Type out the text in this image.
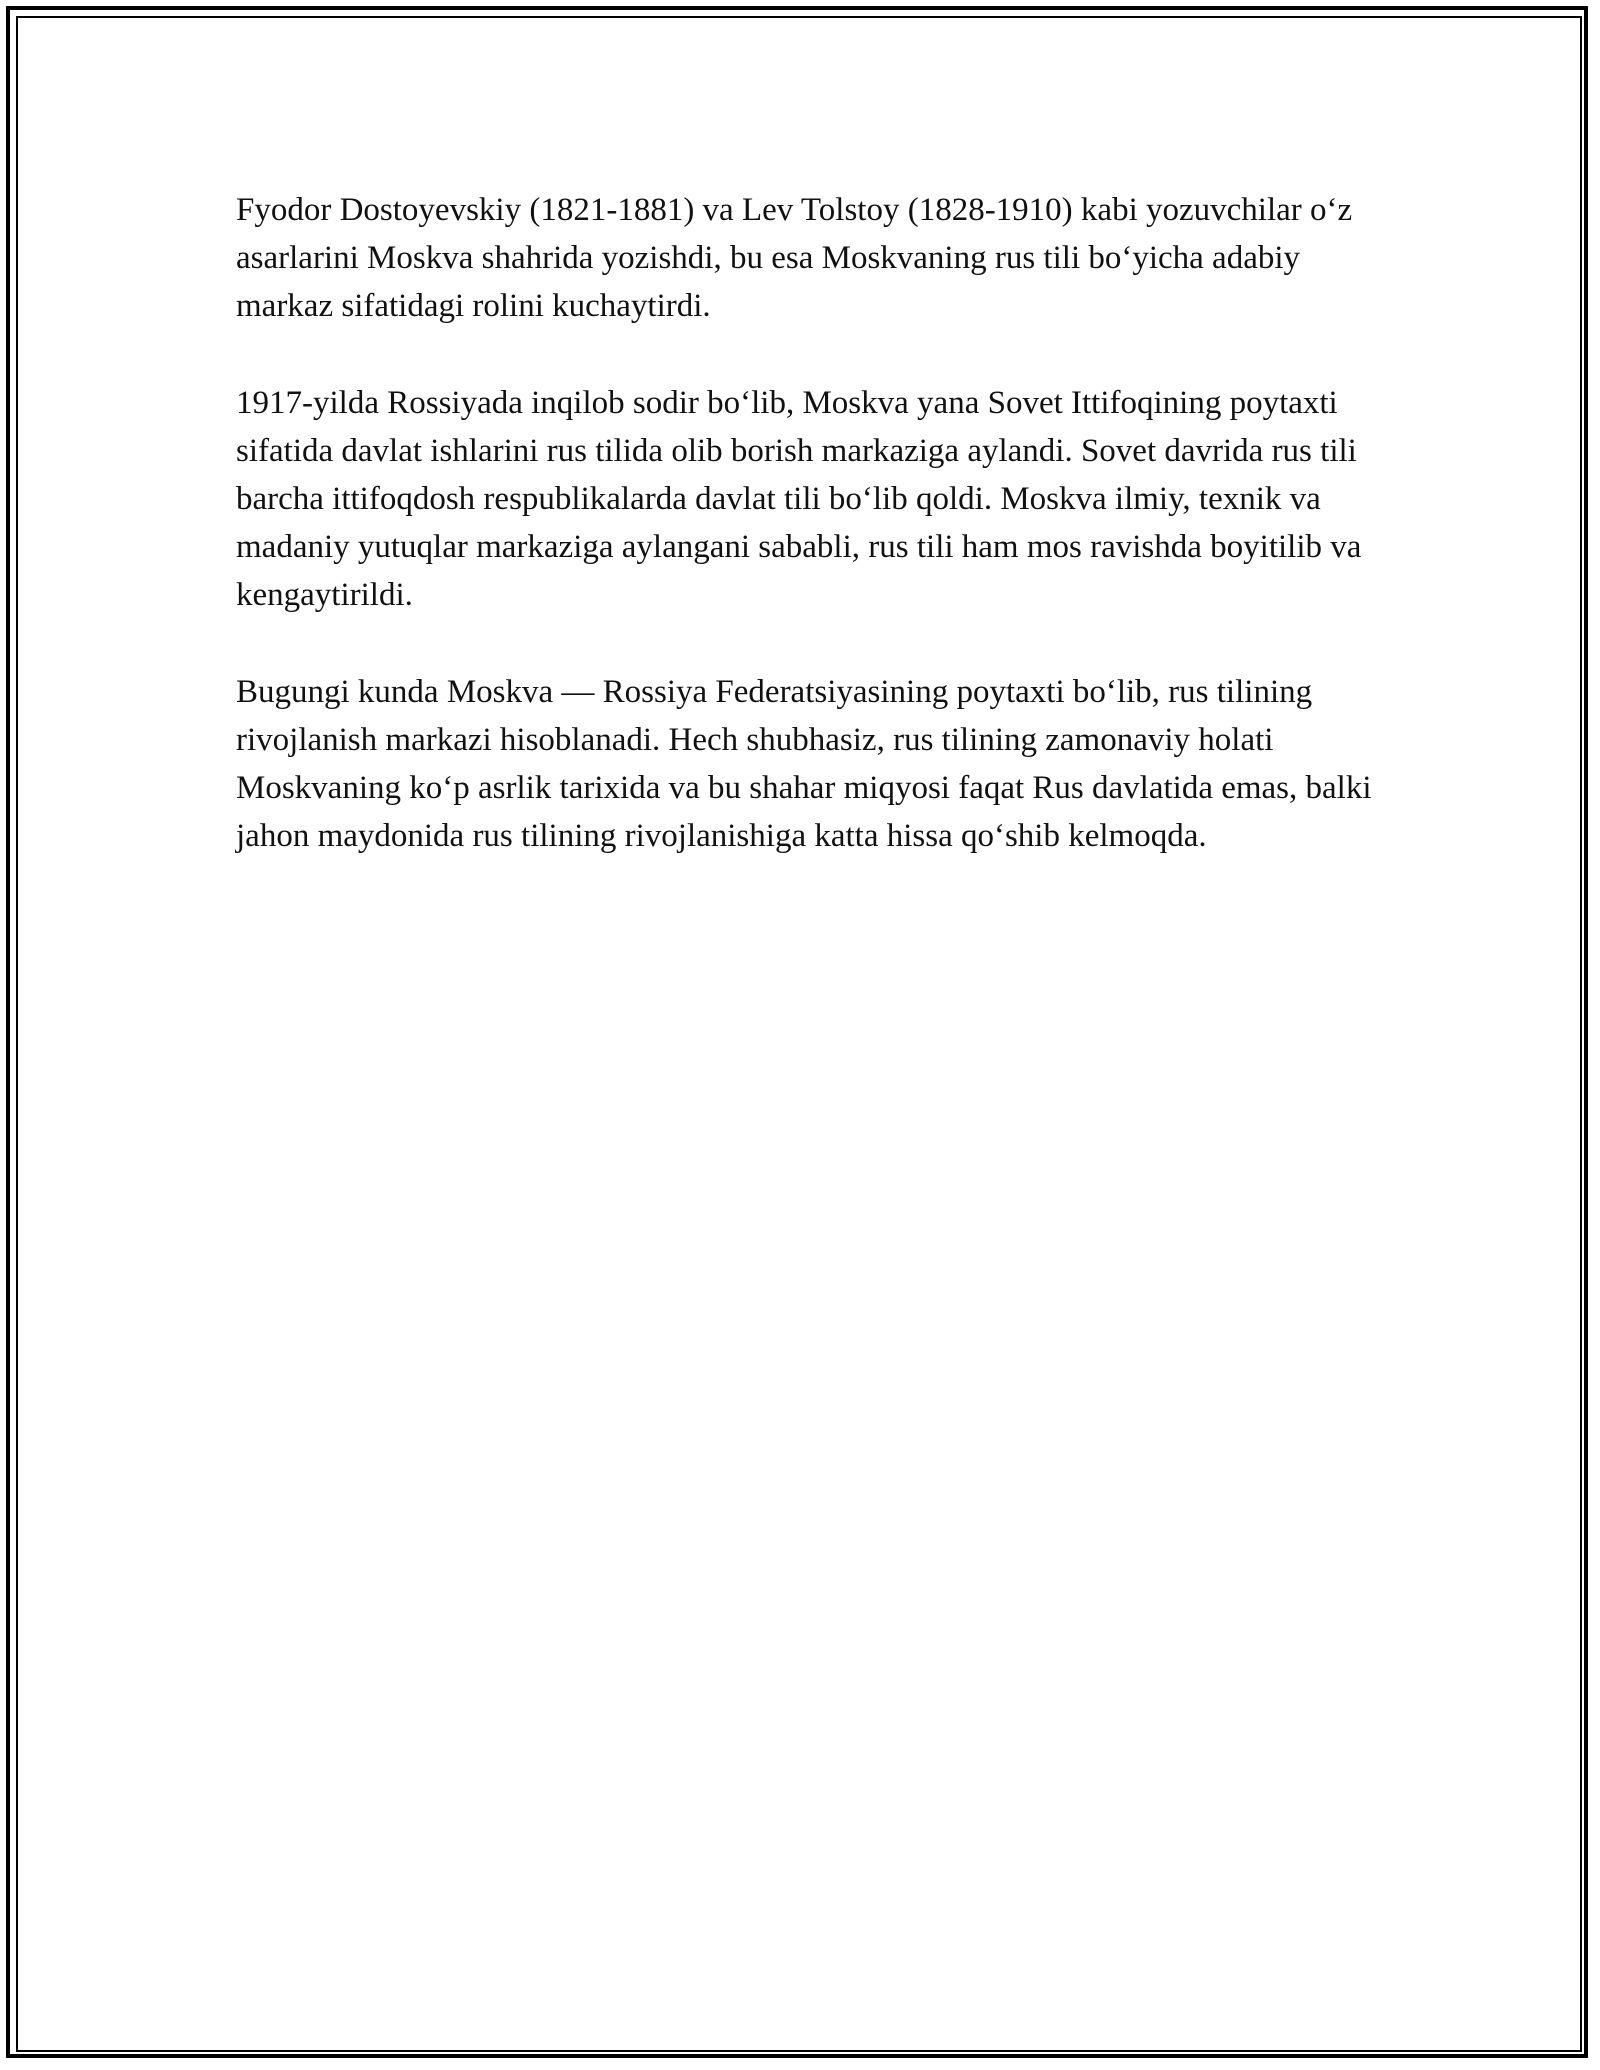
Fyodor Dostoyevskiy (1821-1881) va Lev Tolstoy (1828-1910) kabi yozuvchilar o‘z asarlarini Moskva shahrida yozishdi, bu esa Moskvaning rus tili bo‘yicha adabiy markaz sifatidagi rolini kuchaytirdi.

1917-yilda Rossiyada inqilob sodir bo‘lib, Moskva yana Sovet Ittifoqining poytaxti sifatida davlat ishlarini rus tilida olib borish markaziga aylandi. Sovet davrida rus tili barcha ittifoqdosh respublikalarda davlat tili bo‘lib qoldi. Moskva ilmiy, texnik va madaniy yutuqlar markaziga aylangani sababli, rus tili ham mos ravishda boyitilib va kengaytirildi.

Bugungi kunda Moskva — Rossiya Federatsiyasining poytaxti bo‘lib, rus tilining rivojlanish markazi hisoblanadi. Hech shubhasiz, rus tilining zamonaviy holati Moskvaning ko‘p asrlik tarixida va bu shahar miqyosi faqat Rus davlatida emas, balki jahon maydonida rus tilining rivojlanishiga katta hissa qo‘shib kelmoqda.
